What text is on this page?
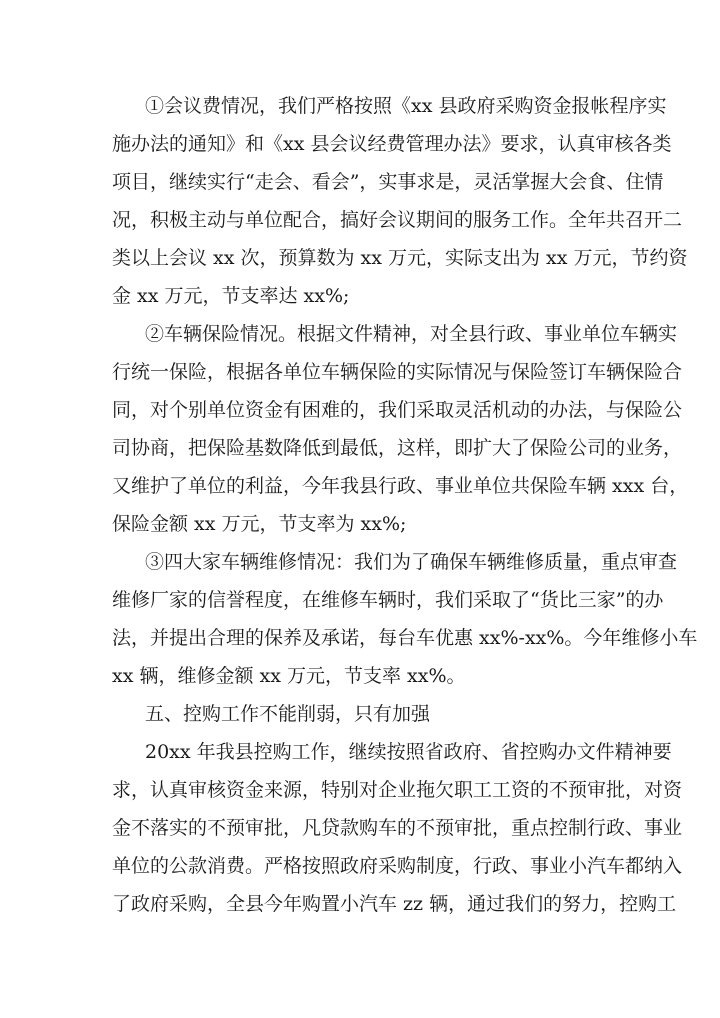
①会议费情况，我们严格按照《xx 县政府采购资金报帐程序实
施办法的通知》和《xx 县会议经费管理办法》要求，认真审核各类
项目，继续实行“走会、看会”，实事求是，灵活掌握大会食、住情
况，积极主动与单位配合，搞好会议期间的服务工作。全年共召开二
类以上会议 xx 次，预算数为 xx 万元，实际支出为 xx 万元，节约资
金 xx 万元，节支率达 xx%;
②车辆保险情况。根据文件精神，对全县行政、事业单位车辆实
行统一保险，根据各单位车辆保险的实际情况与保险签订车辆保险合
同，对个别单位资金有困难的，我们采取灵活机动的办法，与保险公
司协商，把保险基数降低到最低，这样，即扩大了保险公司的业务，
又维护了单位的利益，今年我县行政、事业单位共保险车辆 xxx 台，
保险金额 xx 万元，节支率为 xx%;
③四大家车辆维修情况：我们为了确保车辆维修质量，重点审查
维修厂家的信誉程度，在维修车辆时，我们采取了“货比三家”的办
法，并提出合理的保养及承诺，每台车优惠 xx%-xx%。今年维修小车
xx 辆，维修金额 xx 万元，节支率 xx%。
五、控购工作不能削弱，只有加强
20xx 年我县控购工作，继续按照省政府、省控购办文件精神要
求，认真审核资金来源，特别对企业拖欠职工工资的不预审批，对资
金不落实的不预审批，凡贷款购车的不预审批，重点控制行政、事业
单位的公款消费。严格按照政府采购制度，行政、事业小汽车都纳入
了政府采购，全县今年购置小汽车 zz 辆，通过我们的努力，控购工
